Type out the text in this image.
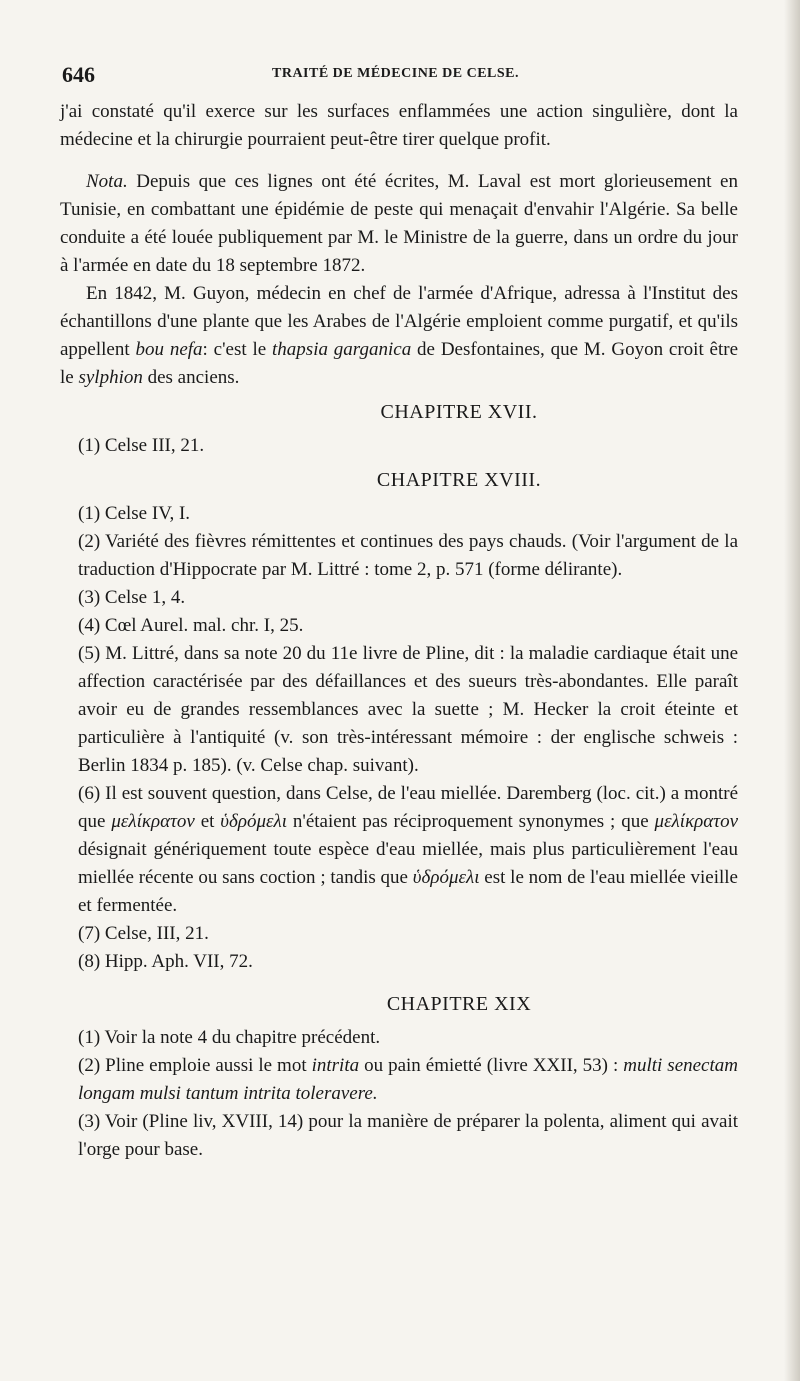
646	TRAITÉ DE MÉDECINE DE CELSE.

j'ai constaté qu'il exerce sur les surfaces enflammées une action singulière, dont la médecine et la chirurgie pourraient peut-être tirer quelque profit.

Nota. Depuis que ces lignes ont été écrites, M. Laval est mort glorieusement en Tunisie, en combattant une épidémie de peste qui menaçait d'envahir l'Algérie. Sa belle conduite a été louée publiquement par M. le Ministre de la guerre, dans un ordre du jour à l'armée en date du 18 septembre 1872.

En 1842, M. Guyon, médecin en chef de l'armée d'Afrique, adressa à l'Institut des échantillons d'une plante que les Arabes de l'Algérie emploient comme purgatif, et qu'ils appellent bou nefa: c'est le thapsia garganica de Desfontaines, que M. Goyon croit être le sylphion des anciens.

CHAPITRE XVII.

(1) Celse III, 21.

CHAPITRE XVIII.

(1) Celse IV, I.

(2) Variété des fièvres rémittentes et continues des pays chauds. (Voir l'argument de la traduction d'Hippocrate par M. Littré : tome 2, p. 571 (forme délirante).

(3) Celse 1, 4.

(4) Cœl Aurel. mal. chr. I, 25.

(5) M. Littré, dans sa note 20 du 11e livre de Pline, dit : la maladie cardiaque était une affection caractérisée par des défaillances et des sueurs très-abondantes. Elle paraît avoir eu de grandes ressemblances avec la suette ; M. Hecker la croit éteinte et particulière à l'antiquité (v. son très-intéressant mémoire : der englische schweis : Berlin 1834 p. 185). (v. Celse chap. suivant).

(6) Il est souvent question, dans Celse, de l'eau miellée. Daremberg (loc. cit.) a montré que μελίκρατον et ὑδρόμελι n'étaient pas réciproquement synonymes ; que μελίκρατον désignait génériquement toute espèce d'eau miellée, mais plus particulièrement l'eau miellée récente ou sans coction ; tandis que ὑδρόμελι est le nom de l'eau miellée vieille et fermentée.

(7) Celse, III, 21.

(8) Hipp. Aph. VII, 72.

CHAPITRE XIX

(1) Voir la note 4 du chapitre précédent.

(2) Pline emploie aussi le mot intrita ou pain émietté (livre XXII, 53) : multi senectam longam mulsi tantum intrita toleravere.

(3) Voir (Pline liv, XVIII, 14) pour la manière de préparer la polenta, aliment qui avait l'orge pour base.
